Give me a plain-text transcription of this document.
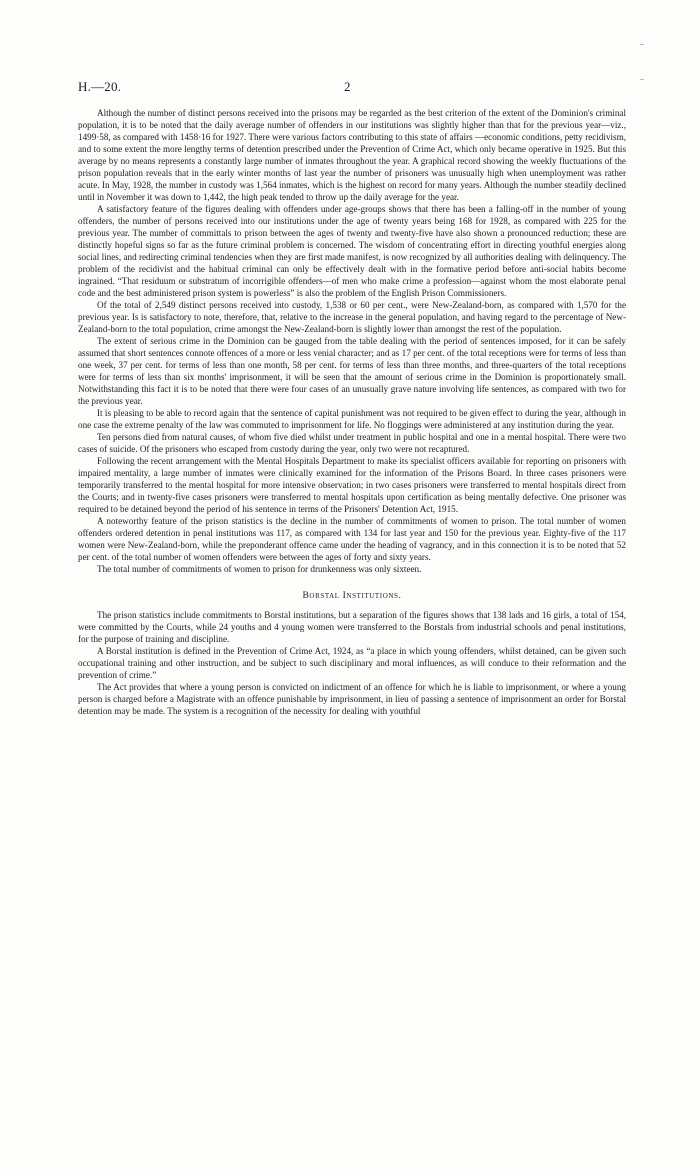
H.—20.	2

Although the number of distinct persons received into the prisons may be regarded as the best criterion of the extent of the Dominion's criminal population, it is to be noted that the daily average number of offenders in our institutions was slightly higher than that for the previous year—viz., 1499·58, as compared with 1458·16 for 1927. There were various factors contributing to this state of affairs —economic conditions, petty recidivism, and to some extent the more lengthy terms of detention prescribed under the Prevention of Crime Act, which only became operative in 1925. But this average by no means represents a constantly large number of inmates throughout the year. A graphical record showing the weekly fluctuations of the prison population reveals that in the early winter months of last year the number of prisoners was unusually high when unemployment was rather acute. In May, 1928, the number in custody was 1,564 inmates, which is the highest on record for many years. Although the number steadily declined until in November it was down to 1,442, the high peak tended to throw up the daily average for the year.

A satisfactory feature of the figures dealing with offenders under age-groups shows that there has been a falling-off in the number of young offenders, the number of persons received into our institutions under the age of twenty years being 168 for 1928, as compared with 225 for the previous year. The number of committals to prison between the ages of twenty and twenty-five have also shown a pronounced reduction; these are distinctly hopeful signs so far as the future criminal problem is concerned. The wisdom of concentrating effort in directing youthful energies along social lines, and redirecting criminal tendencies when they are first made manifest, is now recognized by all authorities dealing with delinquency. The problem of the recidivist and the habitual criminal can only be effectively dealt with in the formative period before anti-social habits become ingrained. “That residuum or substratum of incorrigible offenders—of men who make crime a profession—against whom the most elaborate penal code and the best administered prison system is powerless” is also the problem of the English Prison Commissioners.

Of the total of 2,549 distinct persons received into custody, 1,538 or 60 per cent., were New-Zealand-born, as compared with 1,570 for the previous year. Is is satisfactory to note, therefore, that, relative to the increase in the general population, and having regard to the percentage of New-Zealand-born to the total population, crime amongst the New-Zealand-born is slightly lower than amongst the rest of the population.

The extent of serious crime in the Dominion can be gauged from the table dealing with the period of sentences imposed, for it can be safely assumed that short sentences connote offences of a more or less venial character; and as 17 per cent. of the total receptions were for terms of less than one week, 37 per cent. for terms of less than one month, 58 per cent. for terms of less than three months, and three-quarters of the total receptions were for terms of less than six months' imprisonment, it will be seen that the amount of serious crime in the Dominion is proportionately small. Notwithstanding this fact it is to be noted that there were four cases of an unusually grave nature involving life sentences, as compared with two for the previous year.

It is pleasing to be able to record again that the sentence of capital punishment was not required to be given effect to during the year, although in one case the extreme penalty of the law was commuted to imprisonment for life. No floggings were administered at any institution during the year.

Ten persons died from natural causes, of whom five died whilst under treatment in public hospital and one in a mental hospital. There were two cases of suicide. Of the prisoners who escaped from custody during the year, only two were not recaptured.

Following the recent arrangement with the Mental Hospitals Department to make its specialist officers available for reporting on prisoners with impaired mentality, a large number of inmates were clinically examined for the information of the Prisons Board. In three cases prisoners were temporarily transferred to the mental hospital for more intensive observation; in two cases prisoners were transferred to mental hospitals direct from the Courts; and in twenty-five cases prisoners were transferred to mental hospitals upon certification as being mentally defective. One prisoner was required to be detained beyond the period of his sentence in terms of the Prisoners' Detention Act, 1915.

A noteworthy feature of the prison statistics is the decline in the number of commitments of women to prison. The total number of women offenders ordered detention in penal institutions was 117, as compared with 134 for last year and 150 for the previous year. Eighty-five of the 117 women were New-Zealand-born, while the preponderant offence came under the heading of vagrancy, and in this connection it is to be noted that 52 per cent. of the total number of women offenders were between the ages of forty and sixty years.

The total number of commitments of women to prison for drunkenness was only sixteen.

Borstal Institutions.

The prison statistics include commitments to Borstal institutions, but a separation of the figures shows that 138 lads and 16 girls, a total of 154, were committed by the Courts, while 24 youths and 4 young women were transferred to the Borstals from industrial schools and penal institutions, for the purpose of training and discipline.

A Borstal institution is defined in the Prevention of Crime Act, 1924, as “a place in which young offenders, whilst detained, can be given such occupational training and other instruction, and be subject to such disciplinary and moral influences, as will conduce to their reformation and the prevention of crime.”

The Act provides that where a young person is convicted on indictment of an offence for which he is liable to imprisonment, or where a young person is charged before a Magistrate with an offence punishable by imprisonment, in lieu of passing a sentence of imprisonment an order for Borstal detention may be made. The system is a recognition of the necessity for dealing with youthful
